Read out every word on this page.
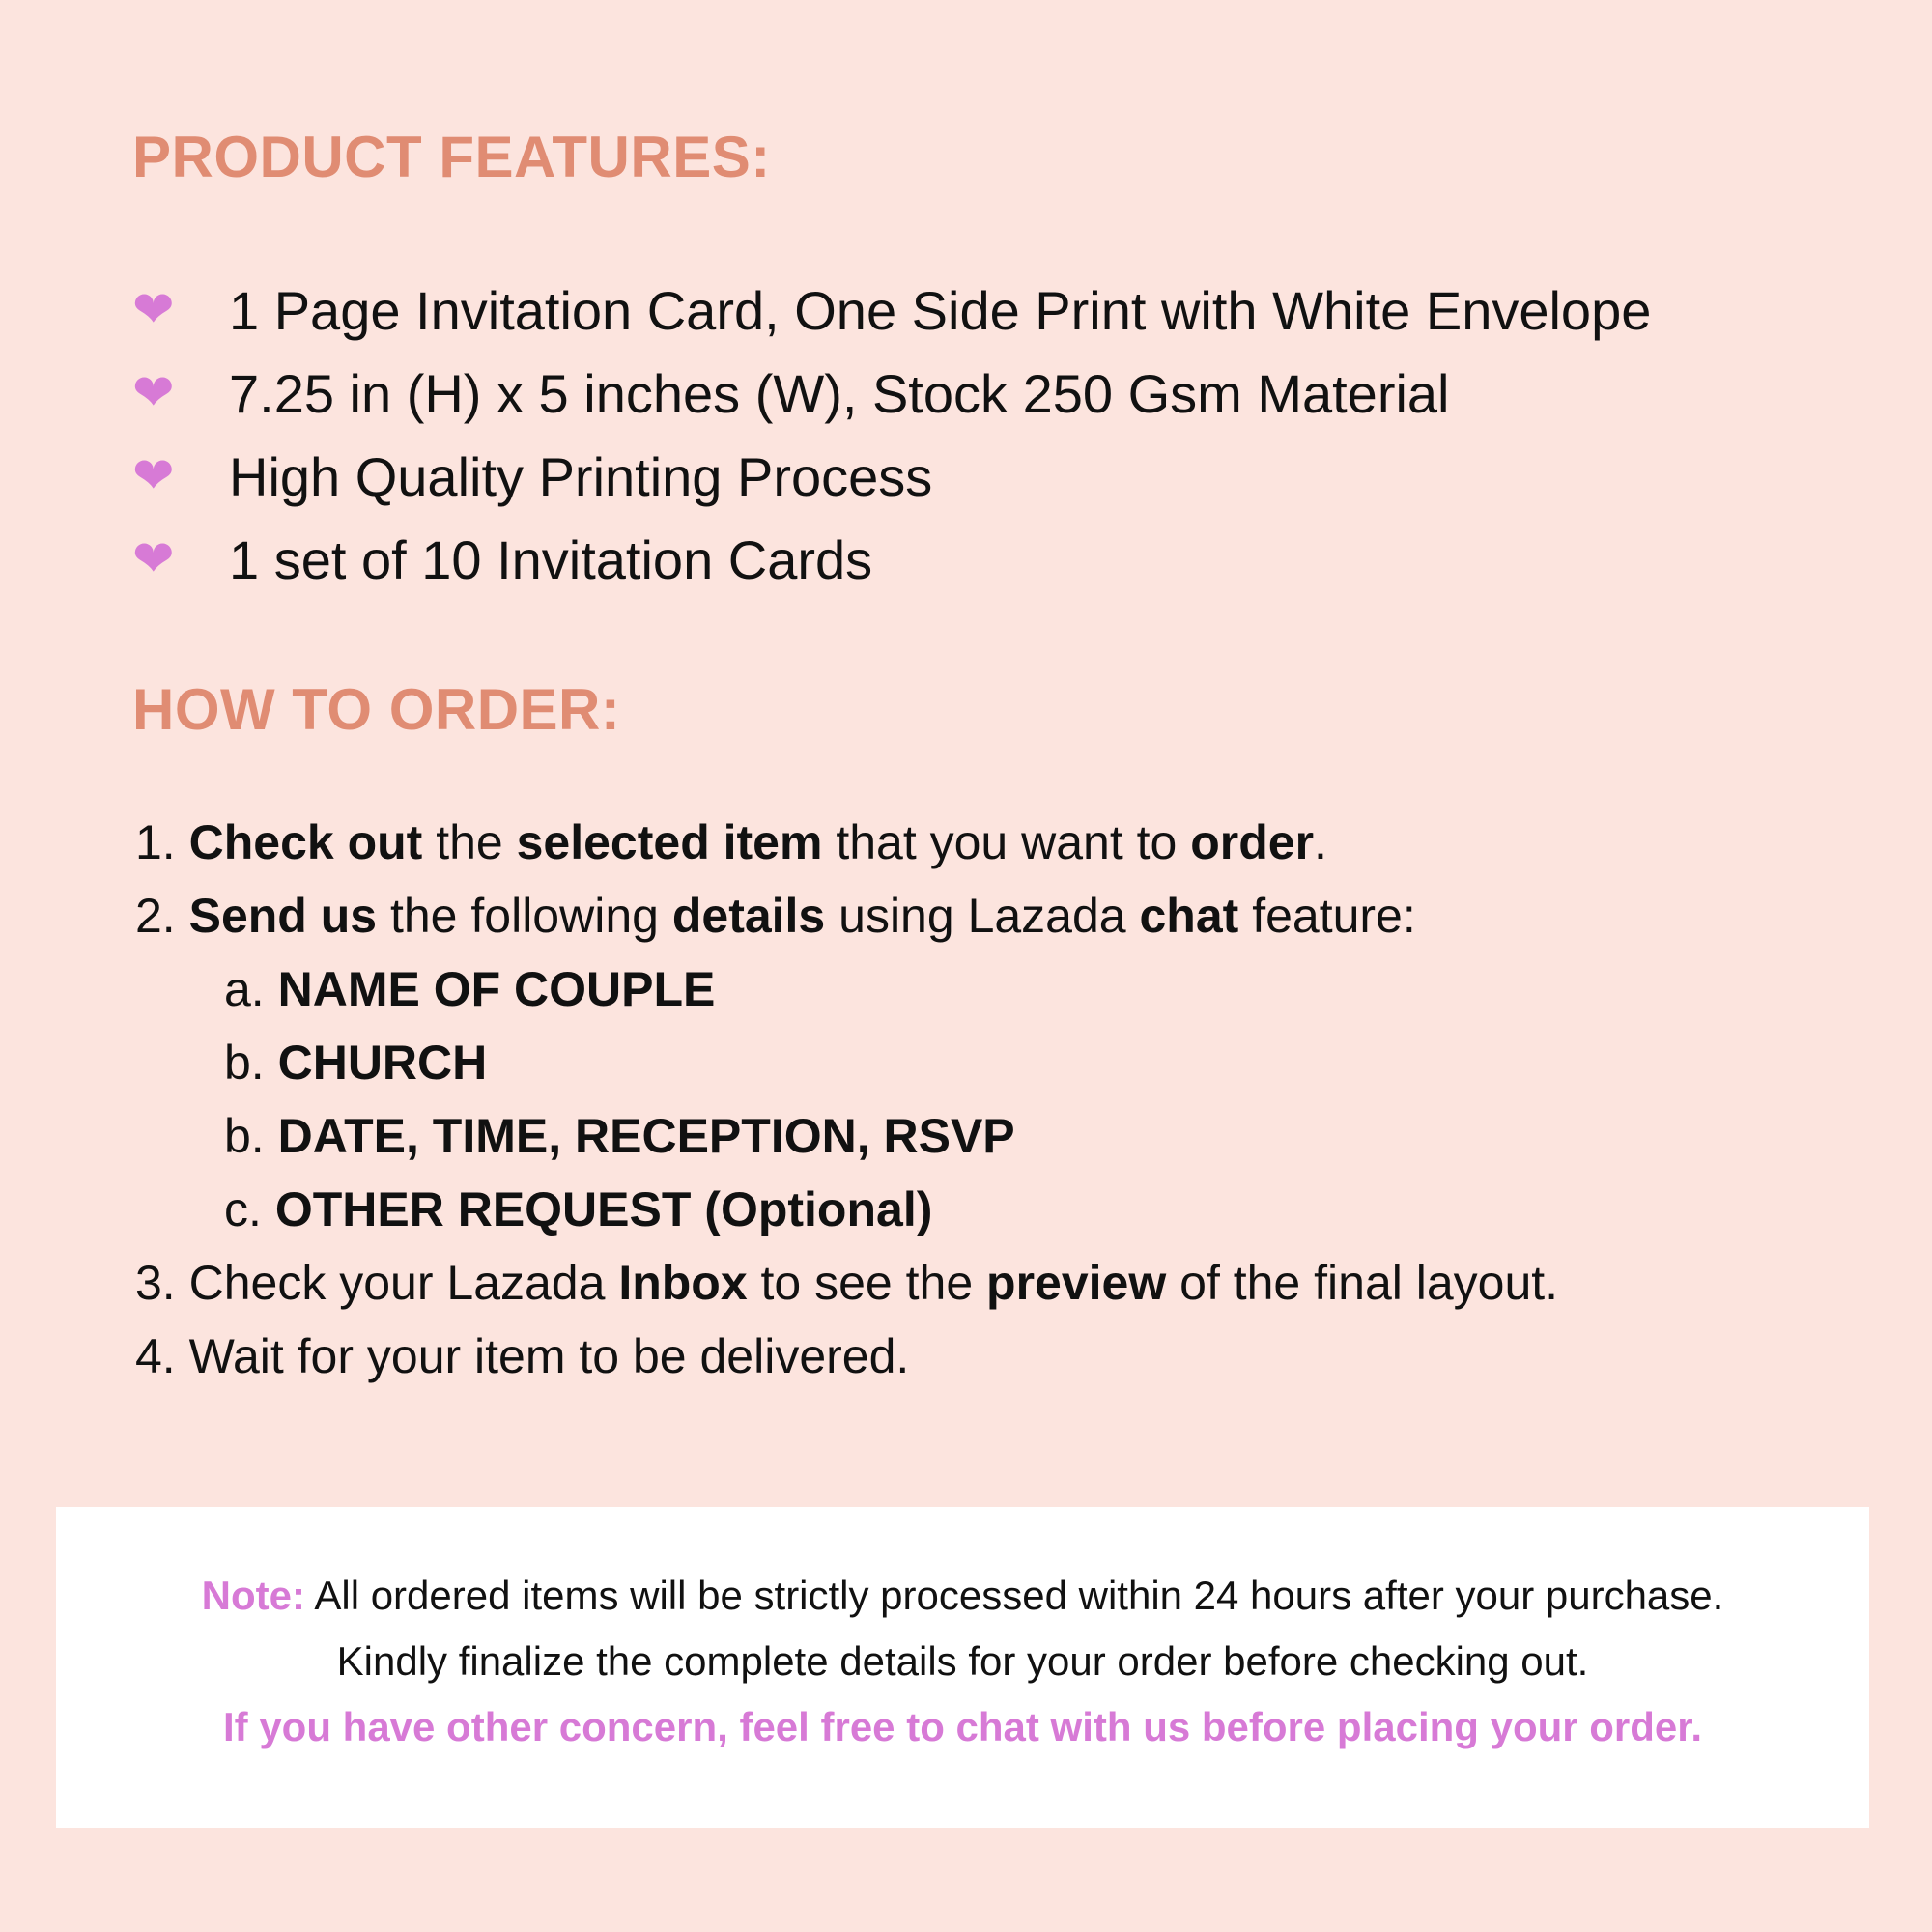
PRODUCT FEATURES:
❤	1 Page Invitation Card, One Side Print with White Envelope
❤	7.25 in (H) x 5 inches (W), Stock 250 Gsm Material
❤	High Quality Printing Process
❤	1 set of 10 Invitation Cards
HOW TO ORDER:
1. Check out the selected item that you want to order.
2. Send us the following details using Lazada chat feature:
a. NAME OF COUPLE
b. CHURCH
b. DATE, TIME, RECEPTION, RSVP
c. OTHER REQUEST (Optional)
3. Check your Lazada Inbox to see the preview of the final layout.
4. Wait for your item to be delivered.
Note: All ordered items will be strictly processed within 24 hours after your purchase.
Kindly finalize the complete details for your order before checking out.
If you have other concern, feel free to chat with us before placing your order.
